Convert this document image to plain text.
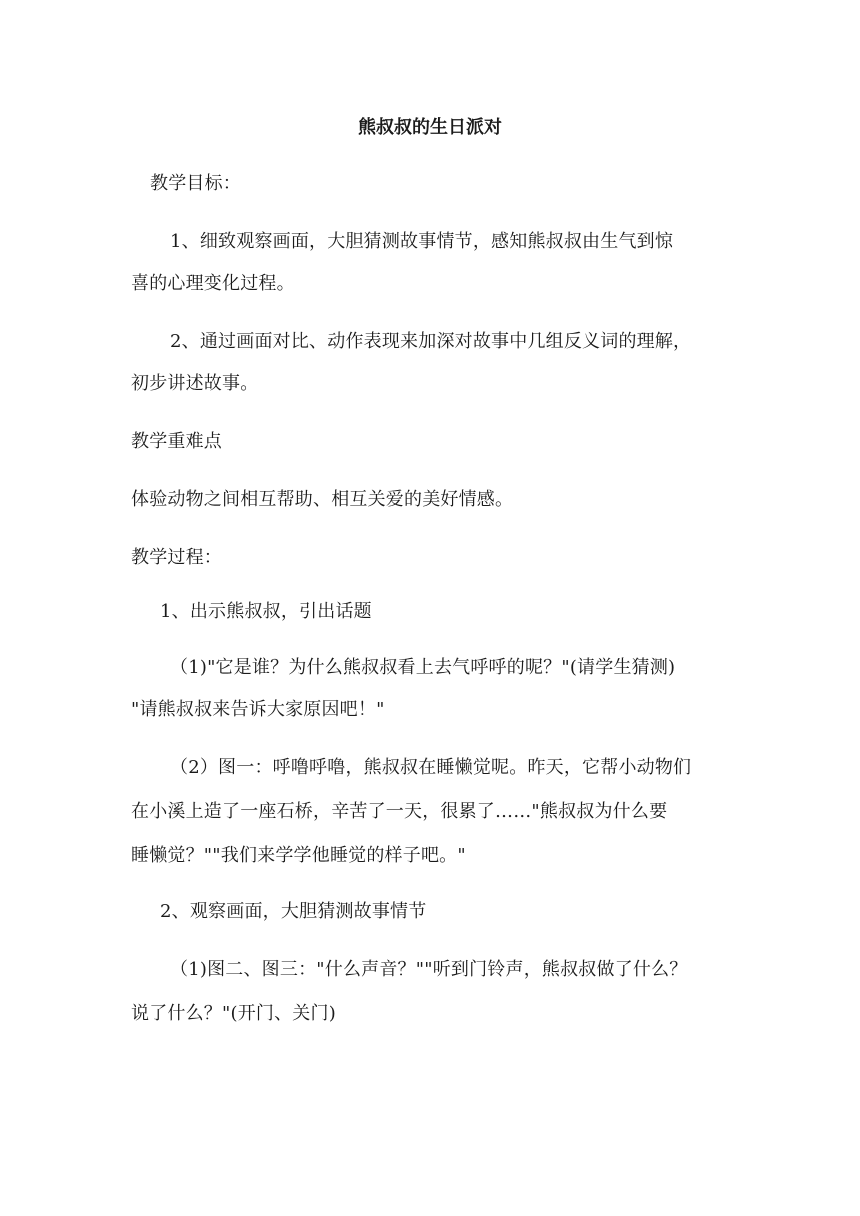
熊叔叔的生日派对
教学目标：
1、细致观察画面，大胆猜测故事情节，感知熊叔叔由生气到惊
喜的心理变化过程。
2、通过画面对比、动作表现来加深对故事中几组反义词的理解，
初步讲述故事。
教学重难点
体验动物之间相互帮助、相互关爱的美好情感。
教学过程：
1、出示熊叔叔，引出话题
（1)"它是谁？为什么熊叔叔看上去气呼呼的呢？"(请学生猜测)
"请熊叔叔来告诉大家原因吧！"
（2）图一：呼噜呼噜，熊叔叔在睡懒觉呢。昨天，它帮小动物们
在小溪上造了一座石桥，辛苦了一天，很累了……"熊叔叔为什么要
睡懒觉？""我们来学学他睡觉的样子吧。"
2、观察画面，大胆猜测故事情节
（1)图二、图三："什么声音？""听到门铃声，熊叔叔做了什么？
说了什么？"(开门、关门)
